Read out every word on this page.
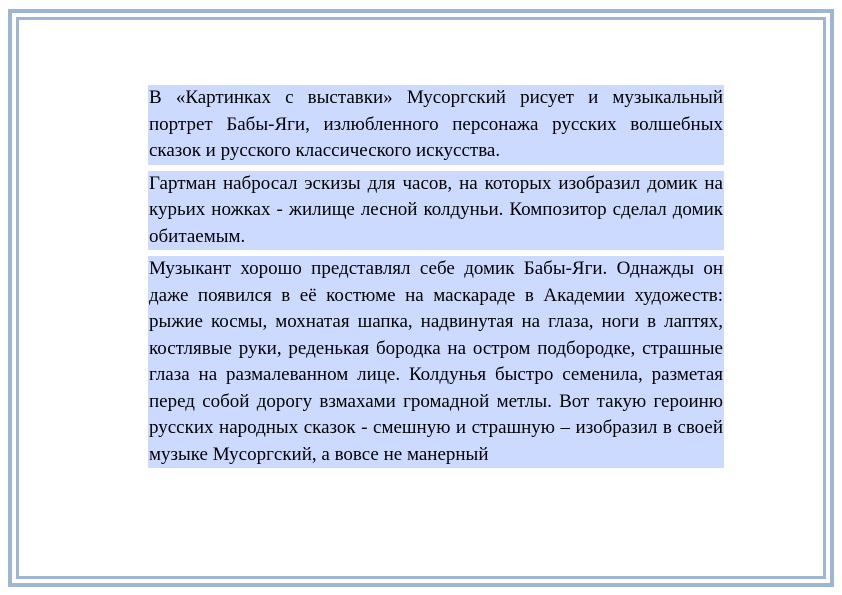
В «Картинках с выставки» Мусоргский рисует и музыкальный портрет Бабы-Яги, излюбленного персонажа русских волшебных сказок и русского классического искусства.

Гартман набросал эскизы для часов, на которых изобразил домик на курьих ножках - жилище лесной колдуньи. Композитор сделал домик обитаемым.

Музыкант хорошо представлял себе домик Бабы-Яги. Однажды он даже появился в её костюме на маскараде в Академии художеств: рыжие космы, мохнатая шапка, надвинутая на глаза, ноги в лаптях, костлявые руки, реденькая бородка на остром подбородке, страшные глаза на размалеванном лице. Колдунья быстро семенила, разметая перед собой дорогу взмахами громадной метлы. Вот такую героиню русских народных сказок - смешную и страшную – изобразил в своей музыке Мусоргский, а вовсе не манерный
